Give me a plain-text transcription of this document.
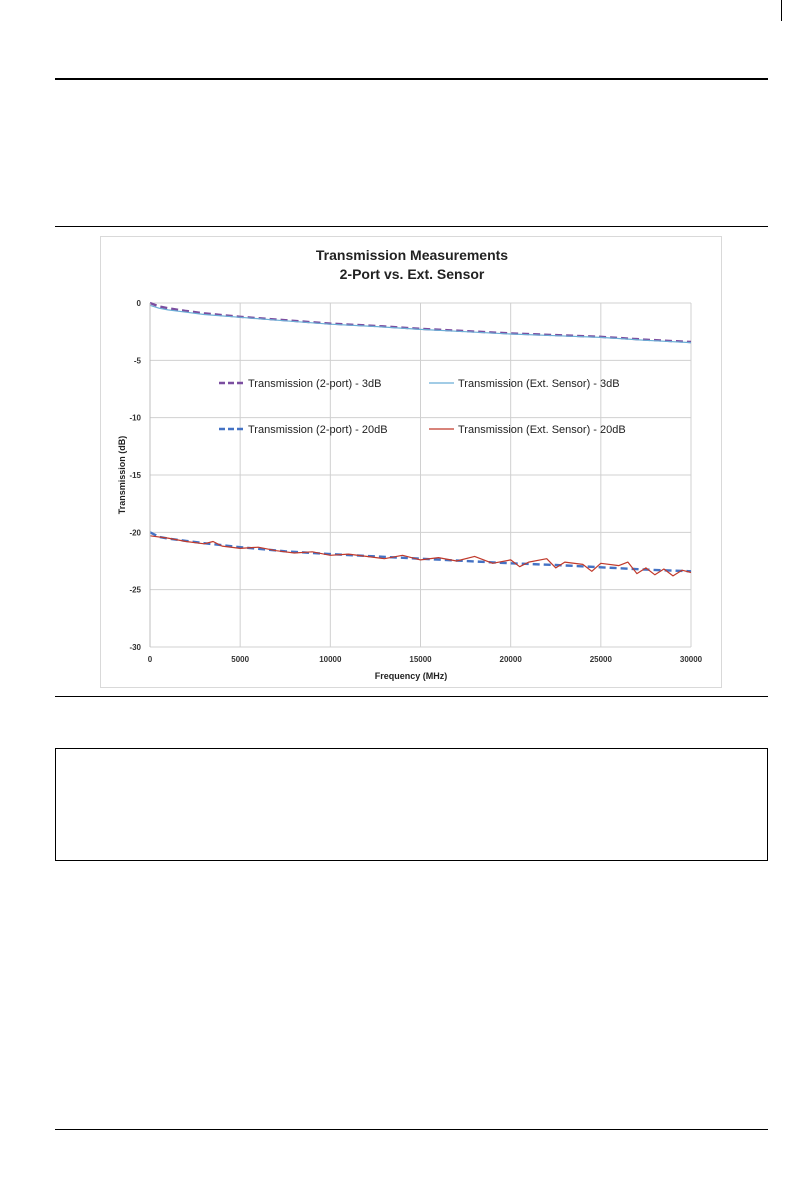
0
-5
-10
-15
-20
-25
-30
0	5000	10000	15000	20000	25000	30000
Transmission Measurements
2-Port vs. Ext. Sensor
Frequency (MHz)
Transmission (dB)
Transmission (2-port) - 3dB	Transmission (Ext. Sensor) - 3dB
Transmission (2-port) - 20dB	Transmission (Ext. Sensor) - 20dB
